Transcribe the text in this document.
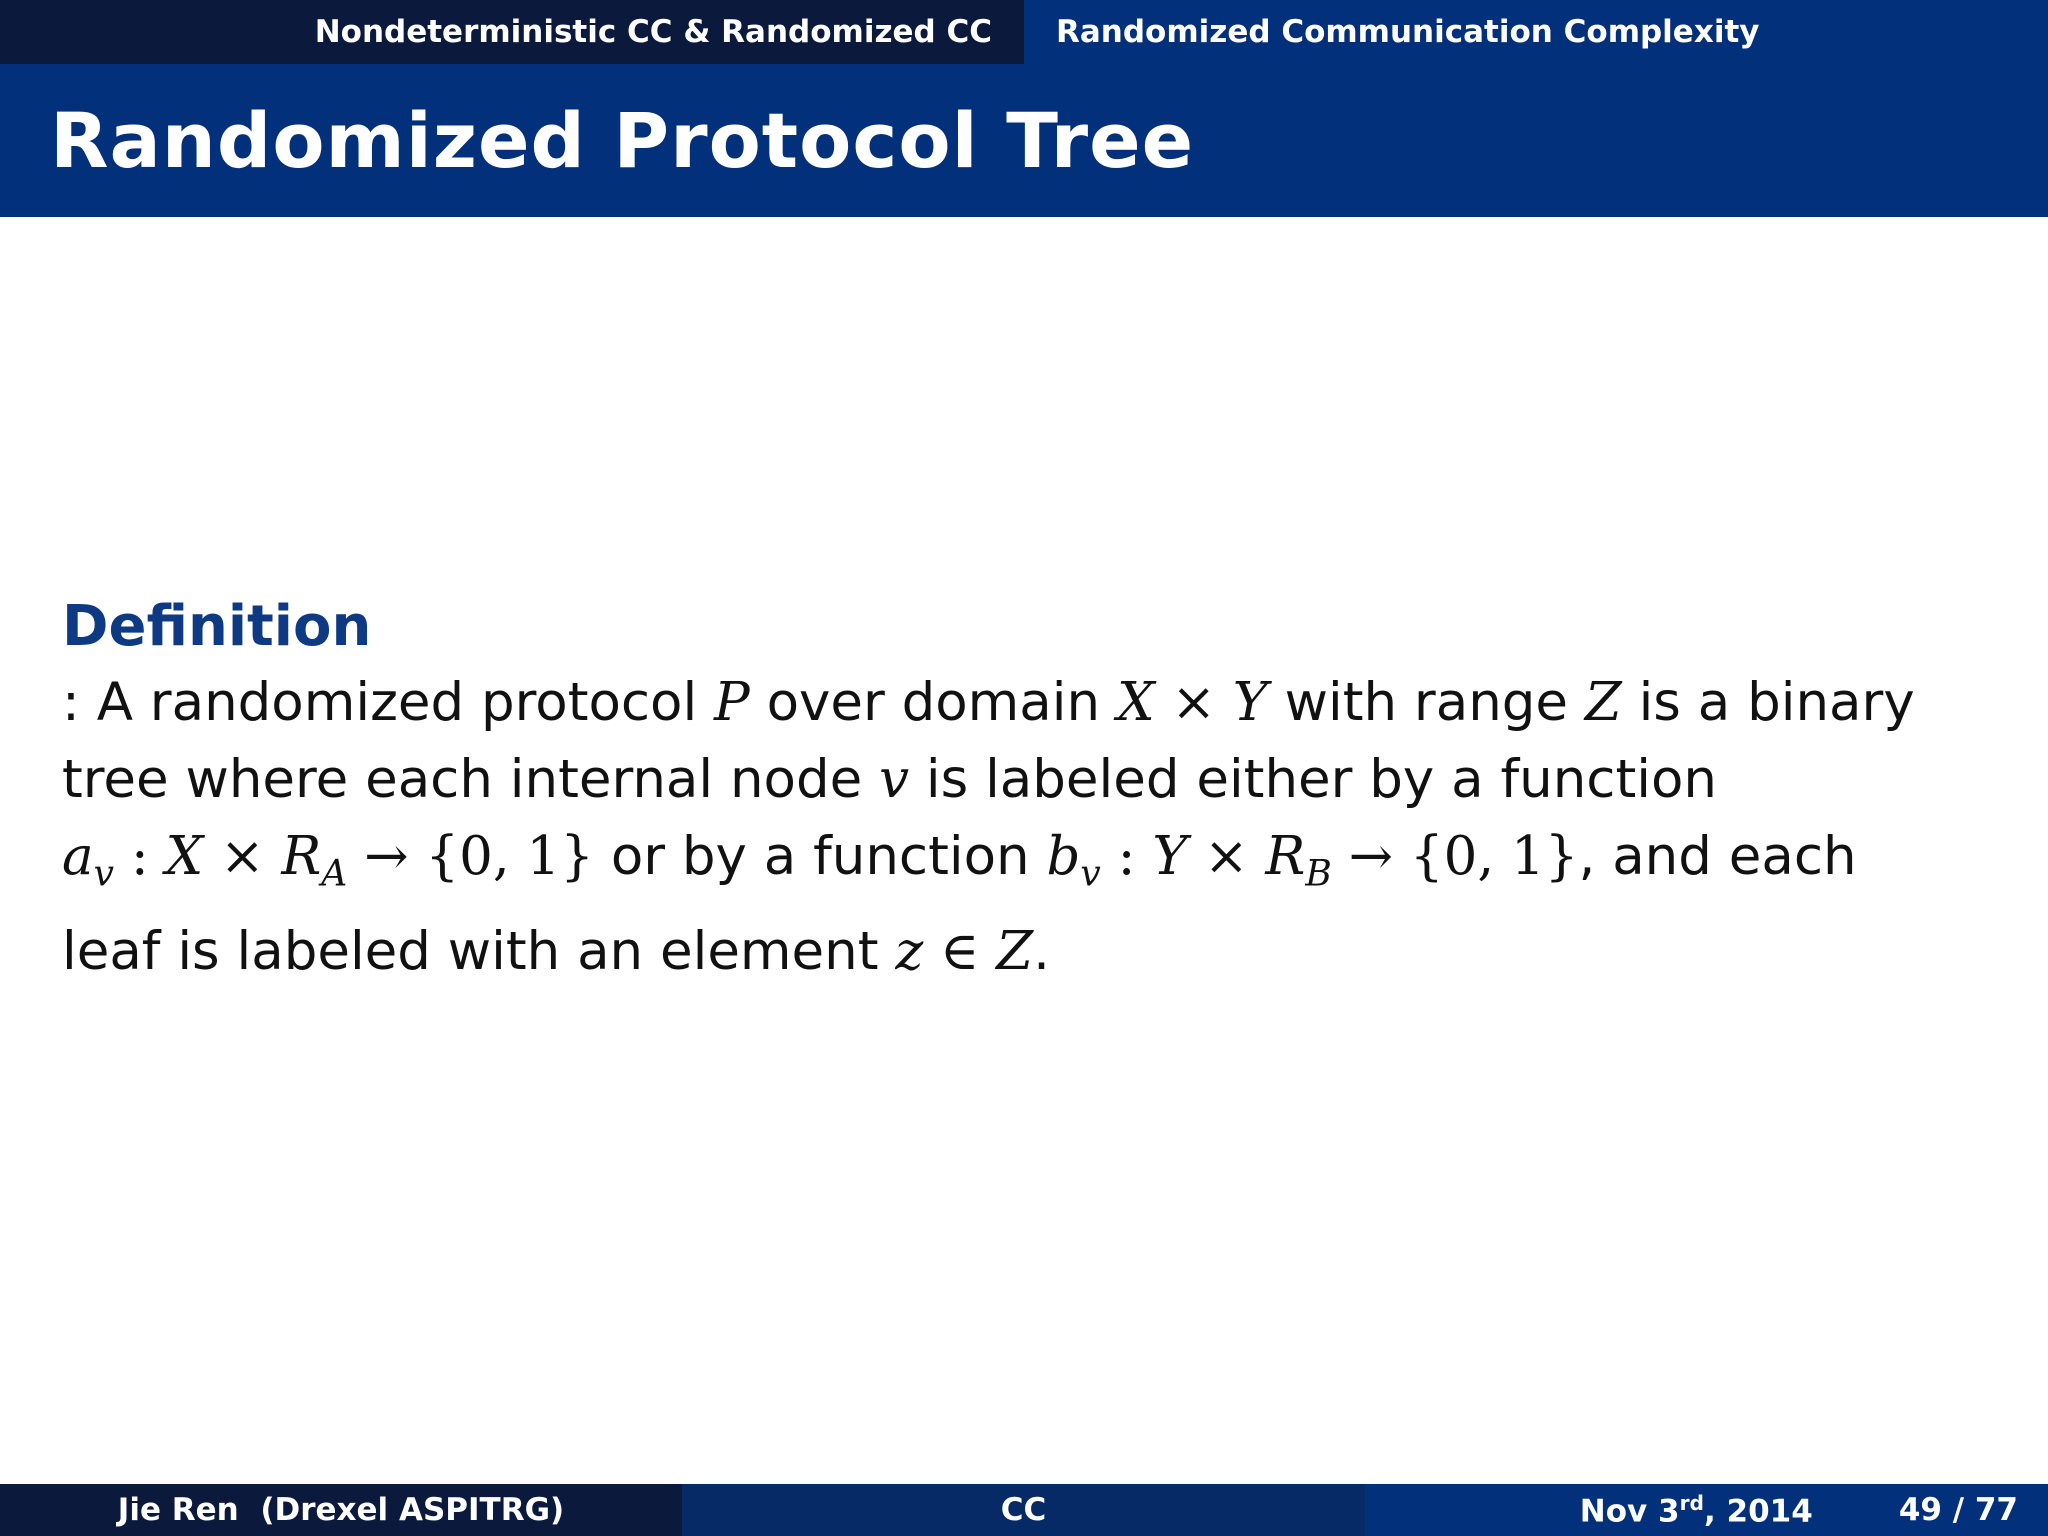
Nondeterministic CC & Randomized CC Randomized Communication Complexity
Randomized Protocol Tree

Definition

: A randomized protocol P over domain X × Y with range Z is a binary
tree where each internal node v is labeled either by a function
$a_v$ : $X \times R_A \to \{0$, 1} or by a function $b_v$ : $Y \times R_B \to \{0$, 1}, and each
leaf is labeled with an element z ∈ Z.

Jie Ren  (Drexel ASPITRG)	CC	Nov 3rd, 2014	49 / 77
